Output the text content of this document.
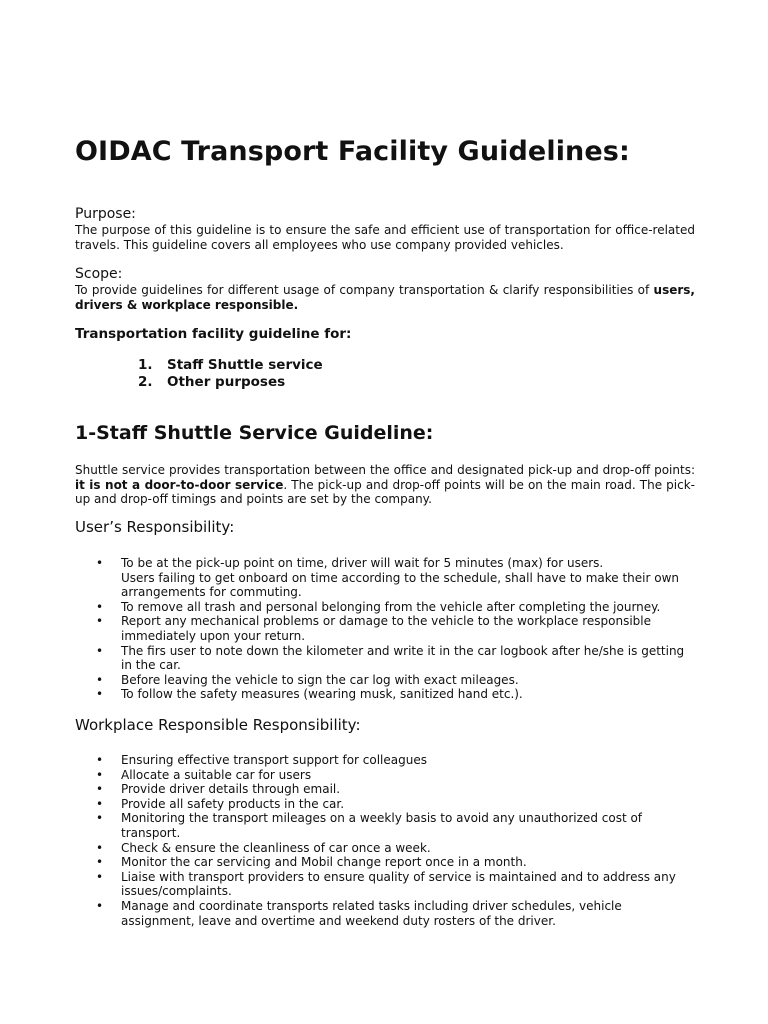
OIDAC Transport Facility Guidelines:
Purpose:

The purpose of this guideline is to ensure the safe and efficient use of transportation for office-related travels. This guideline covers all employees who use company provided vehicles.

Scope:

To provide guidelines for different usage of company transportation & clarify responsibilities of users, drivers & workplace responsible.

Transportation facility guideline for:
1. Staff Shuttle service
2. Other purposes
1-Staff Shuttle Service Guideline:

Shuttle service provides transportation between the office and designated pick-up and drop-off points: it is not a door-to-door service. The pick-up and drop-off points will be on the main road. The pick-up and drop-off timings and points are set by the company.

User’s Responsibility:
• To be at the pick-up point on time, driver will wait for 5 minutes (max) for users.
Users failing to get onboard on time according to the schedule, shall have to make their own arrangements for commuting.
• To remove all trash and personal belonging from the vehicle after completing the journey.
• Report any mechanical problems or damage to the vehicle to the workplace responsible immediately upon your return.
• The firs user to note down the kilometer and write it in the car logbook after he/she is getting in the car.
• Before leaving the vehicle to sign the car log with exact mileages.
• To follow the safety measures (wearing musk, sanitized hand etc.).
Workplace Responsible Responsibility:
• Ensuring effective transport support for colleagues
• Allocate a suitable car for users
• Provide driver details through email.
• Provide all safety products in the car.
• Monitoring the transport mileages on a weekly basis to avoid any unauthorized cost of transport.
• Check & ensure the cleanliness of car once a week.
• Monitor the car servicing and Mobil change report once in a month.
• Liaise with transport providers to ensure quality of service is maintained and to address any issues/complaints.
• Manage and coordinate transports related tasks including driver schedules, vehicle assignment, leave and overtime and weekend duty rosters of the driver.
